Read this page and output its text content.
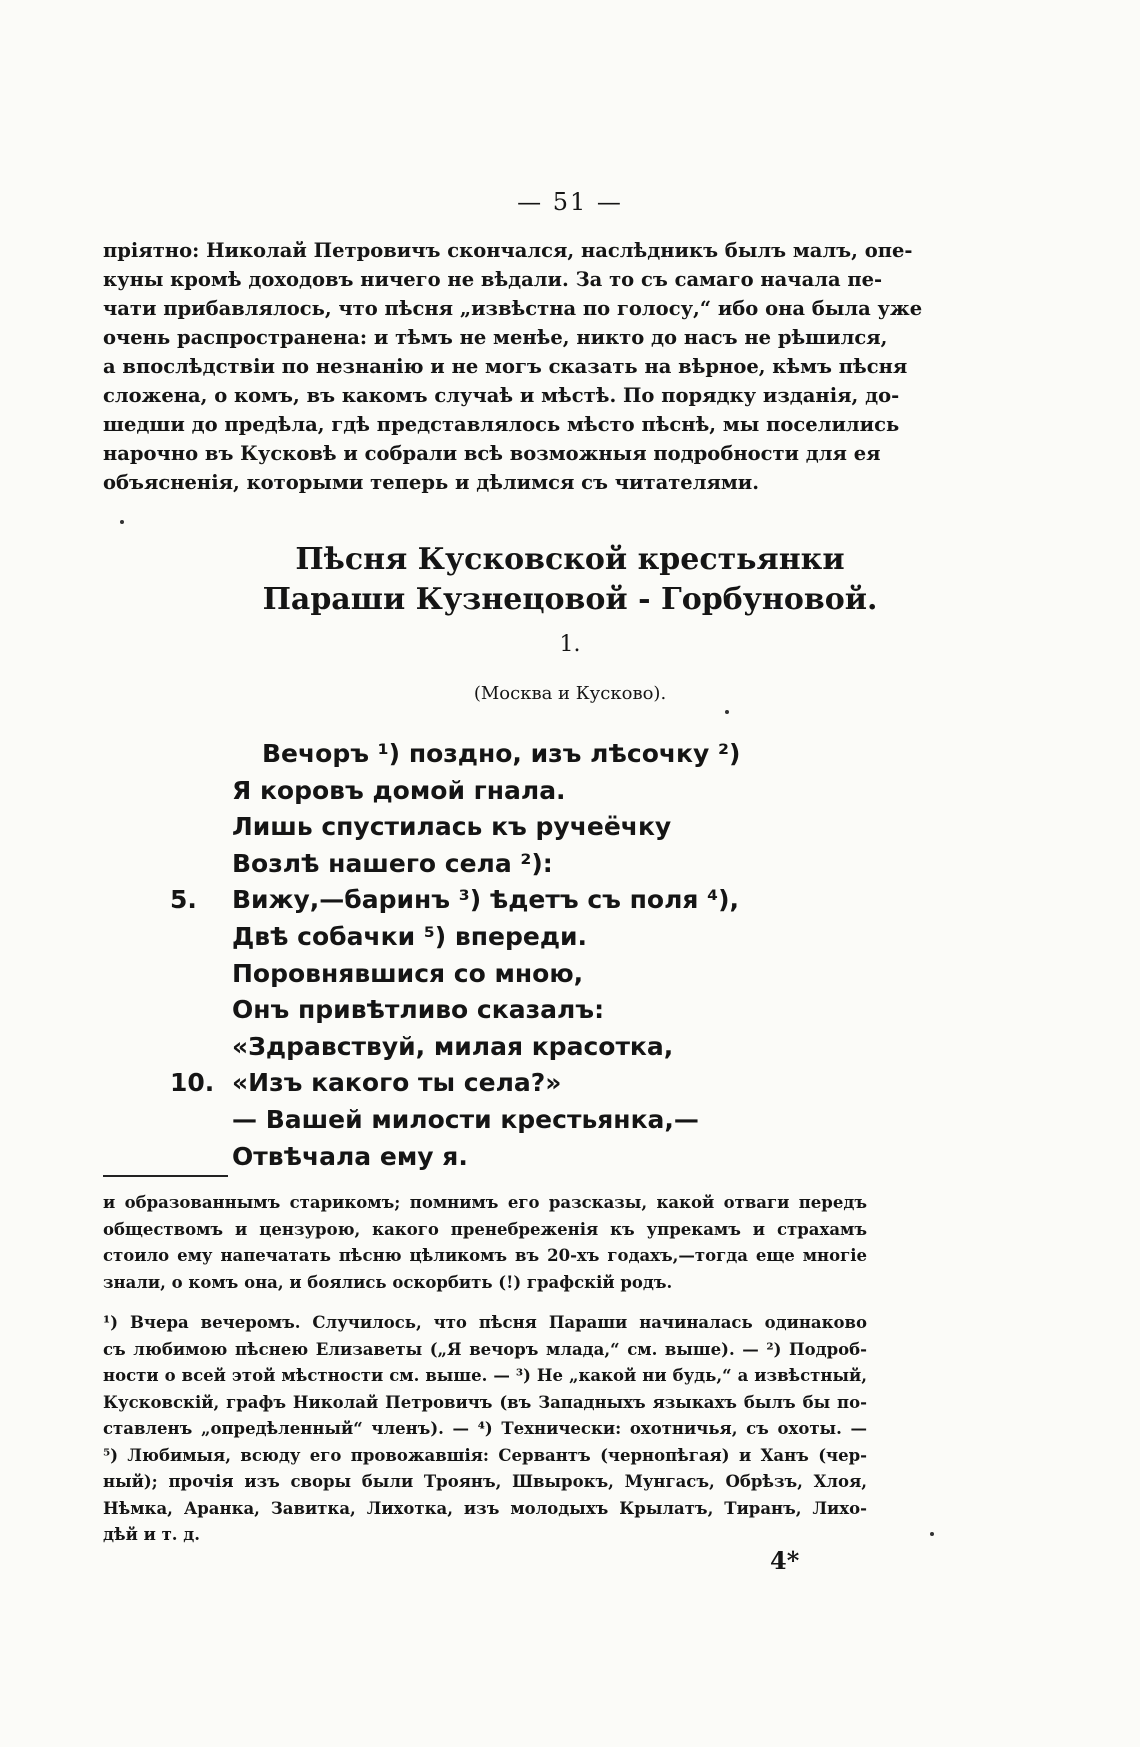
— 51 —
пріятно: Николай Петровичъ скончался, наслѣдникъ былъ малъ, опе-
куны кромѣ доходовъ ничего не вѣдали. За то съ самаго начала пе-
чати прибавлялось, что пѣсня „извѣстна по голосу,“ ибо она была уже
очень распространена: и тѣмъ не менѣе, никто до насъ не рѣшился,
а впослѣдствіи по незнанію и не могъ сказать на вѣрное, кѣмъ пѣсня
сложена, о комъ, въ какомъ случаѣ и мѣстѣ. По порядку изданія, до-
шедши до предѣла, гдѣ представлялось мѣсто пѣснѣ, мы поселились
нарочно въ Кусковѣ и собрали всѣ возможныя подробности для ея
объясненія, которыми теперь и дѣлимся съ читателями.
Пѣсня Кусковской крестьянки
Параши Кузнецовой - Горбуновой.
1.
(Москва и Кусково).
Вечоръ ¹) поздно, изъ лѣсочку ²)
Я коровъ домой гнала.
Лишь спустилась къ ручеёчку
Возлѣ нашего села ²):
5.	Вижу,—баринъ ³) ѣдетъ съ поля ⁴),
Двѣ собачки ⁵) впереди.
Поровнявшися со мною,
Онъ привѣтливо сказалъ:
«Здравствуй, милая красотка,
10. «Изъ какого ты села?»
— Вашей милости крестьянка,—
Отвѣчала ему я.
и образованнымъ старикомъ; помнимъ его разсказы, какой отваги передъ
обществомъ и цензурою, какого пренебреженія къ упрекамъ и страхамъ
стоило ему напечатать пѣсню цѣликомъ въ 20-хъ годахъ,—тогда еще многіе
знали, о комъ она, и боялись оскорбить (!) графскій родъ.
¹) Вчера вечеромъ. Случилось, что пѣсня Параши начиналась одинаково
съ любимою пѣснею Елизаветы („Я вечоръ млада,“ см. выше). — ²) Подроб-
ности о всей этой мѣстности см. выше. — ³) Не „какой ни будь,“ а извѣстный,
Кусковскій, графъ Николай Петровичъ (въ Западныхъ языкахъ былъ бы по-
ставленъ „опредѣленный“ членъ). — ⁴) Технически: охотничья, съ охоты. —
⁵) Любимыя, всюду его провожавшія: Сервантъ (чернопѣгая) и Ханъ (чер-
ный); прочія изъ своры были Троянъ, Швырокъ, Мунгасъ, Обрѣзъ, Хлоя,
Нѣмка, Аранка, Завитка, Лихотка, изъ молодыхъ Крылатъ, Тиранъ, Лихо-
дѣй и т. д.
4*
